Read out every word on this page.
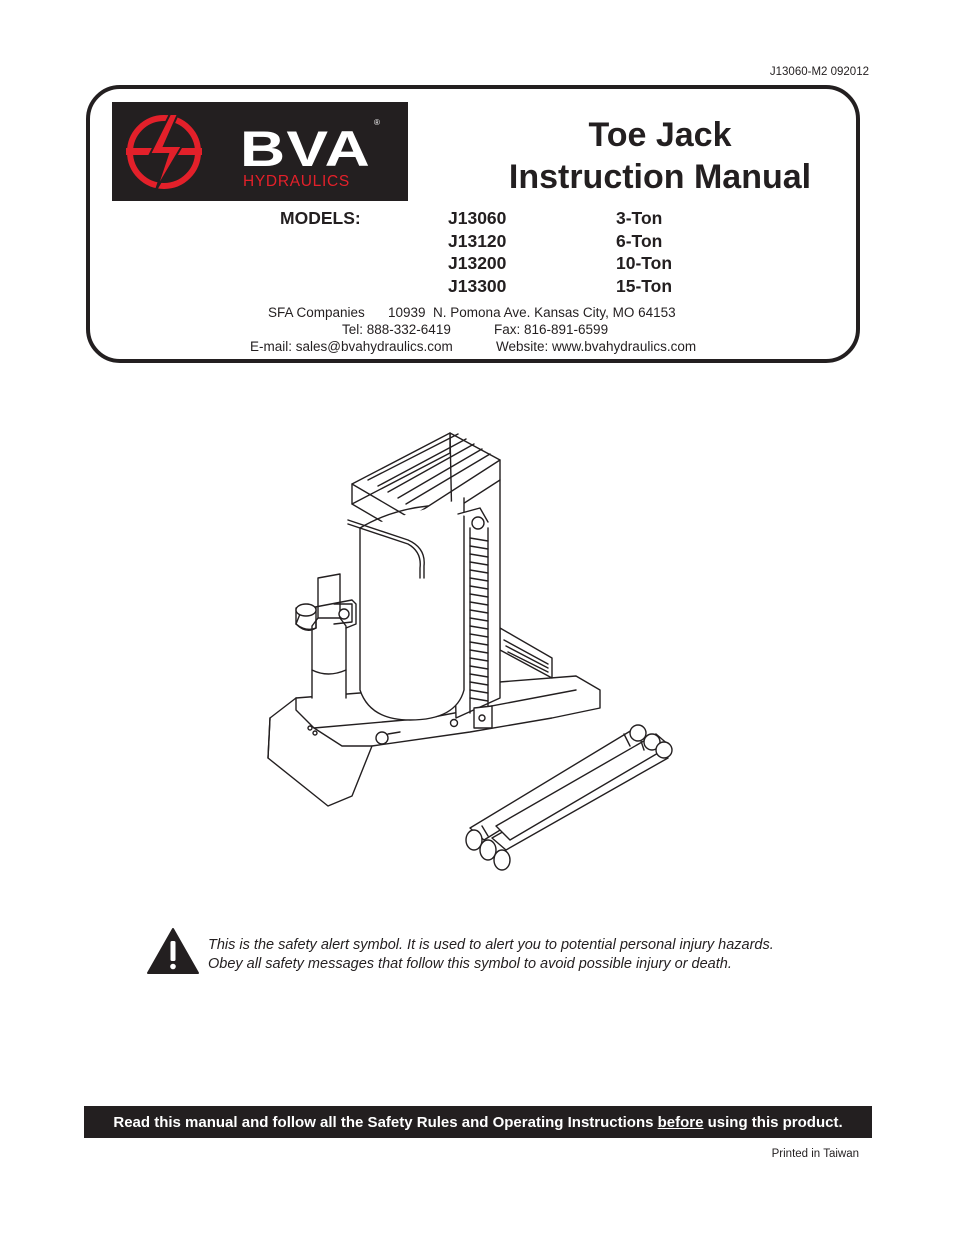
J13060-M2 092012
BVA ®
HYDRAULICS
Toe Jack
Instruction Manual
MODELS:	J13060	3-Ton
J13120	6-Ton
J13200	10-Ton
J13300	15-Ton
SFA Companies 10939  N. Pomona Ave. Kansas City, MO 64153
Tel: 888-332-6419	Fax: 816-891-6599
E-mail: sales@bvahydraulics.com	Website: www.bvahydraulics.com
This is the safety alert symbol. It is used to alert you to potential personal injury hazards.
Obey all safety messages that follow this symbol to avoid possible injury or death.
Read this manual and follow all the Safety Rules and Operating Instructions before using this product.
Printed in Taiwan
